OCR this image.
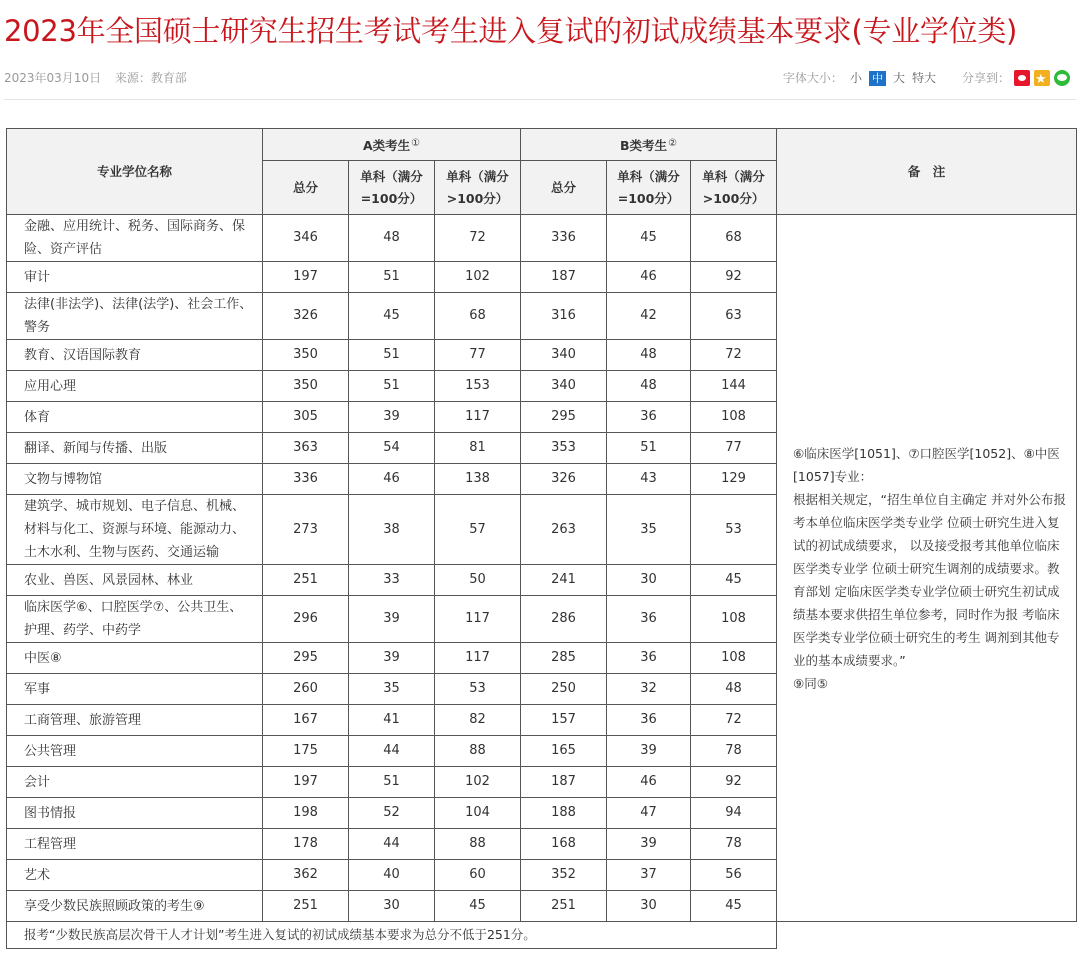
2023年全国硕士研究生招生考试考生进入复试的初试成绩基本要求(专业学位类)
2023年03月10日 来源：教育部	字体大小： 小 中 大 特大 分享到：
★
专业学位名称	A类考生①			B类考生②			备　注
	总分	单科（满分=100分）	单科（满分>100分）	总分	单科（满分=100分）	单科（满分>100分）	
金融、应用统计、税务、国际商务、保险、资产评估	346	48	72	336	45	68	⑥临床医学[1051]、⑦口腔医学[1052]、⑧中医[1057]专业：
根据相关规定，“招生单位自主确定 并对外公布报考本单位临床医学类专业学 位硕士研究生进入复试的初试成绩要求， 以及接受报考其他单位临床医学类专业学 位硕士研究生调剂的成绩要求。教育部划 定临床医学类专业学位硕士研究生初试成 绩基本要求供招生单位参考，同时作为报 考临床医学类专业学位硕士研究生的考生 调剂到其他专业的基本成绩要求。”
⑨同⑤
审计	197	51	102	187	46	92	
法律(非法学)、法律(法学)、社会工作、警务	326	45	68	316	42	63	
教育、汉语国际教育	350	51	77	340	48	72	
应用心理	350	51	153	340	48	144	
体育	305	39	117	295	36	108	
翻译、新闻与传播、出版	363	54	81	353	51	77	
文物与博物馆	336	46	138	326	43	129	
建筑学、城市规划、电子信息、机械、材料与化工、资源与环境、能源动力、土木水利、生物与医药、交通运输	273	38	57	263	35	53	
农业、兽医、风景园林、林业	251	33	50	241	30	45	
临床医学⑥、口腔医学⑦、公共卫生、护理、药学、中药学	296	39	117	286	36	108	
中医⑧	295	39	117	285	36	108	
军事	260	35	53	250	32	48	
工商管理、旅游管理	167	41	82	157	36	72	
公共管理	175	44	88	165	39	78	
会计	197	51	102	187	46	92	
图书情报	198	52	104	188	47	94	
工程管理	178	44	88	168	39	78	
艺术	362	40	60	352	37	56	
享受少数民族照顾政策的考生⑨	251	30	45	251	30	45	
报考“少数民族高层次骨干人才计划”考生进入复试的初试成绩基本要求为总分不低于251分。							
